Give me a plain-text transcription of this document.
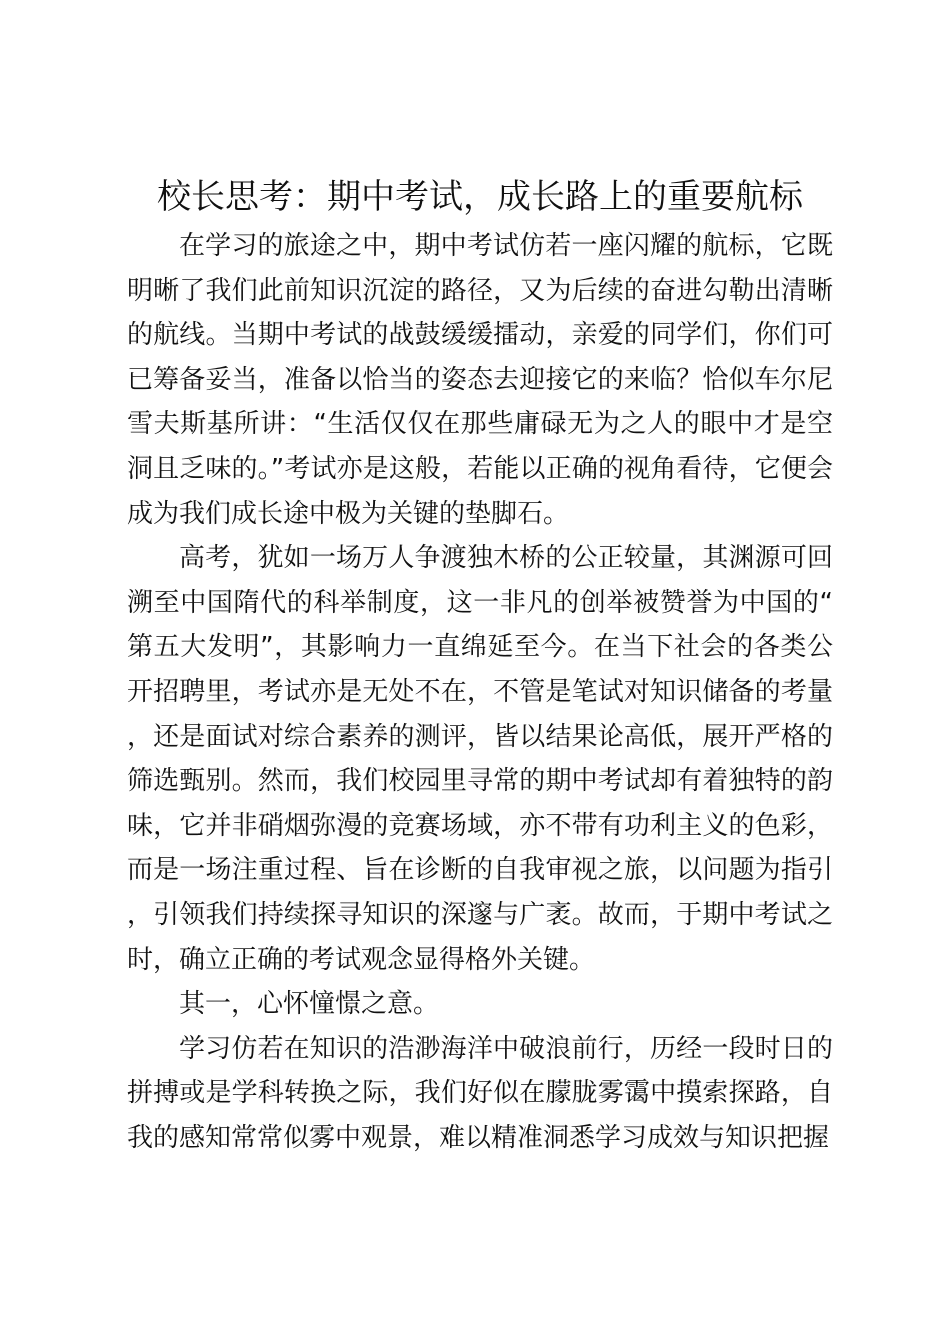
校长思考：期中考试，成长路上的重要航标

在学习的旅途之中，期中考试仿若一座闪耀的航标，它既明晰了我们此前知识沉淀的路径，又为后续的奋进勾勒出清晰的航线。当期中考试的战鼓缓缓擂动，亲爱的同学们，你们可已筹备妥当，准备以恰当的姿态去迎接它的来临？恰似车尔尼雪夫斯基所讲：“生活仅仅在那些庸碌无为之人的眼中才是空洞且乏味的。”考试亦是这般，若能以正确的视角看待，它便会成为我们成长途中极为关键的垫脚石。

高考，犹如一场万人争渡独木桥的公正较量，其渊源可回溯至中国隋代的科举制度，这一非凡的创举被赞誉为中国的“第五大发明”，其影响力一直绵延至今。在当下社会的各类公开招聘里，考试亦是无处不在，不管是笔试对知识储备的考量，还是面试对综合素养的测评，皆以结果论高低，展开严格的筛选甄别。然而，我们校园里寻常的期中考试却有着独特的韵味，它并非硝烟弥漫的竞赛场域，亦不带有功利主义的色彩，而是一场注重过程、旨在诊断的自我审视之旅，以问题为指引，引领我们持续探寻知识的深邃与广袤。故而，于期中考试之时，确立正确的考试观念显得格外关键。

其一，心怀憧憬之意。

学习仿若在知识的浩渺海洋中破浪前行，历经一段时日的拼搏或是学科转换之际，我们好似在朦胧雾霭中摸索探路，自我的感知常常似雾中观景，难以精准洞悉学习成效与知识把握
